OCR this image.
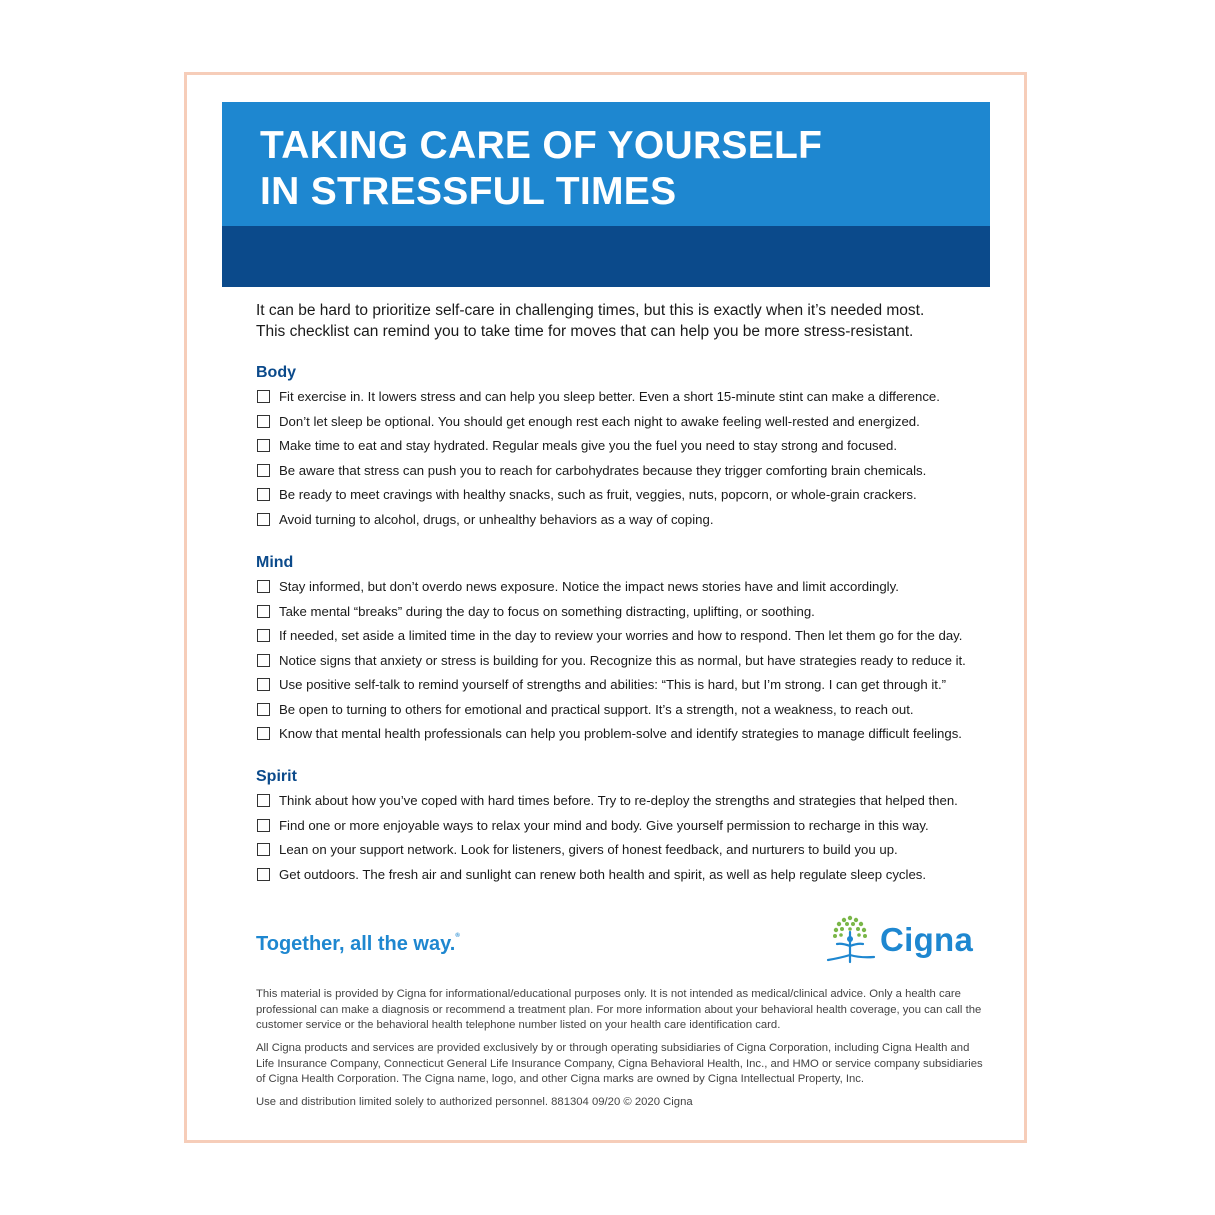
TAKING CARE OF YOURSELF
IN STRESSFUL TIMES
It can be hard to prioritize self-care in challenging times, but this is exactly when it’s needed most.
This checklist can remind you to take time for moves that can help you be more stress-resistant.
Body
Fit exercise in. It lowers stress and can help you sleep better. Even a short 15-minute stint can make a difference.
Don’t let sleep be optional. You should get enough rest each night to awake feeling well-rested and energized.
Make time to eat and stay hydrated. Regular meals give you the fuel you need to stay strong and focused.
Be aware that stress can push you to reach for carbohydrates because they trigger comforting brain chemicals.
Be ready to meet cravings with healthy snacks, such as fruit, veggies, nuts, popcorn, or whole-grain crackers.
Avoid turning to alcohol, drugs, or unhealthy behaviors as a way of coping.
Mind
Stay informed, but don’t overdo news exposure. Notice the impact news stories have and limit accordingly.
Take mental “breaks” during the day to focus on something distracting, uplifting, or soothing.
If needed, set aside a limited time in the day to review your worries and how to respond. Then let them go for the day.
Notice signs that anxiety or stress is building for you. Recognize this as normal, but have strategies ready to reduce it.
Use positive self-talk to remind yourself of strengths and abilities: “This is hard, but I’m strong. I can get through it.”
Be open to turning to others for emotional and practical support. It’s a strength, not a weakness, to reach out.
Know that mental health professionals can help you problem-solve and identify strategies to manage difficult feelings.
Spirit
Think about how you’ve coped with hard times before. Try to re-deploy the strengths and strategies that helped then.
Find one or more enjoyable ways to relax your mind and body. Give yourself permission to recharge in this way.
Lean on your support network. Look for listeners, givers of honest feedback, and nurturers to build you up.
Get outdoors. The fresh air and sunlight can renew both health and spirit, as well as help regulate sleep cycles.
Together, all the way.®	Cigna
This material is provided by Cigna for informational/educational purposes only. It is not intended as medical/clinical advice. Only a health care
professional can make a diagnosis or recommend a treatment plan. For more information about your behavioral health coverage, you can call the
customer service or the behavioral health telephone number listed on your health care identification card.
All Cigna products and services are provided exclusively by or through operating subsidiaries of Cigna Corporation, including Cigna Health and
Life Insurance Company, Connecticut General Life Insurance Company, Cigna Behavioral Health, Inc., and HMO or service company subsidiaries
of Cigna Health Corporation. The Cigna name, logo, and other Cigna marks are owned by Cigna Intellectual Property, Inc.
Use and distribution limited solely to authorized personnel. 881304 09/20 © 2020 Cigna
